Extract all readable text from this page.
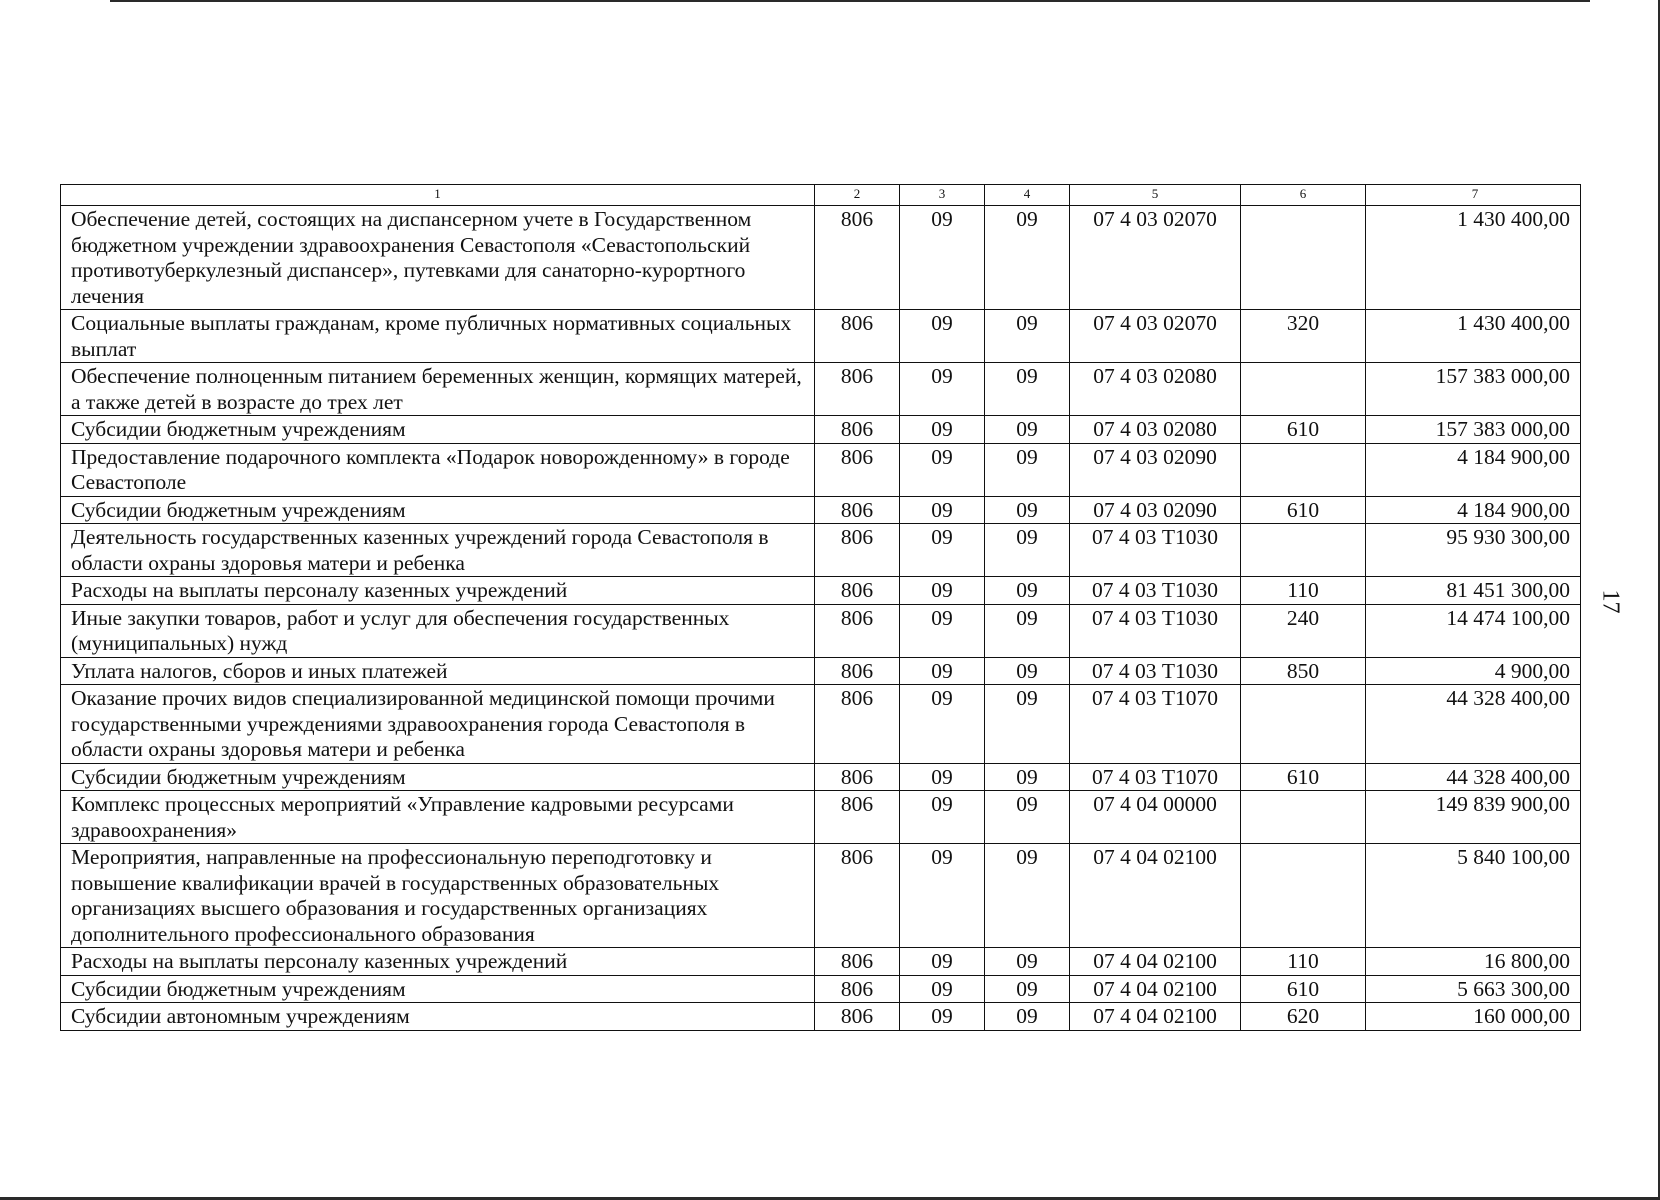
17
1	2	3	4	5	6	7
Обеспечение детей, состоящих на диспансерном учете в Государственном бюджетном учреждении здравоохранения Севастополя «Севастопольский противотуберкулезный диспансер», путевками для санаторно-курортного лечения	806	09	09	07 4 03 02070		1 430 400,00
Социальные выплаты гражданам, кроме публичных нормативных социальных выплат	806	09	09	07 4 03 02070	320	1 430 400,00
Обеспечение полноценным питанием беременных женщин, кормящих матерей, а также детей в возрасте до трех лет	806	09	09	07 4 03 02080		157 383 000,00
Субсидии бюджетным учреждениям	806	09	09	07 4 03 02080	610	157 383 000,00
Предоставление подарочного комплекта «Подарок новорожденному» в городе Севастополе	806	09	09	07 4 03 02090		4 184 900,00
Субсидии бюджетным учреждениям	806	09	09	07 4 03 02090	610	4 184 900,00
Деятельность государственных казенных учреждений города Севастополя в области охраны здоровья матери и ребенка	806	09	09	07 4 03 Т1030		95 930 300,00
Расходы на выплаты персоналу казенных учреждений	806	09	09	07 4 03 Т1030	110	81 451 300,00
Иные закупки товаров, работ и услуг для обеспечения государственных (муниципальных) нужд	806	09	09	07 4 03 Т1030	240	14 474 100,00
Уплата налогов, сборов и иных платежей	806	09	09	07 4 03 Т1030	850	4 900,00
Оказание прочих видов специализированной медицинской помощи прочими государственными учреждениями здравоохранения города Севастополя в области охраны здоровья матери и ребенка	806	09	09	07 4 03 Т1070		44 328 400,00
Субсидии бюджетным учреждениям	806	09	09	07 4 03 Т1070	610	44 328 400,00
Комплекс процессных мероприятий «Управление кадровыми ресурсами здравоохранения»	806	09	09	07 4 04 00000		149 839 900,00
Мероприятия, направленные на профессиональную переподготовку и повышение квалификации врачей в государственных образовательных организациях высшего образования и государственных организациях дополнительного профессионального образования	806	09	09	07 4 04 02100		5 840 100,00
Расходы на выплаты персоналу казенных учреждений	806	09	09	07 4 04 02100	110	16 800,00
Субсидии бюджетным учреждениям	806	09	09	07 4 04 02100	610	5 663 300,00
Субсидии автономным учреждениям	806	09	09	07 4 04 02100	620	160 000,00
